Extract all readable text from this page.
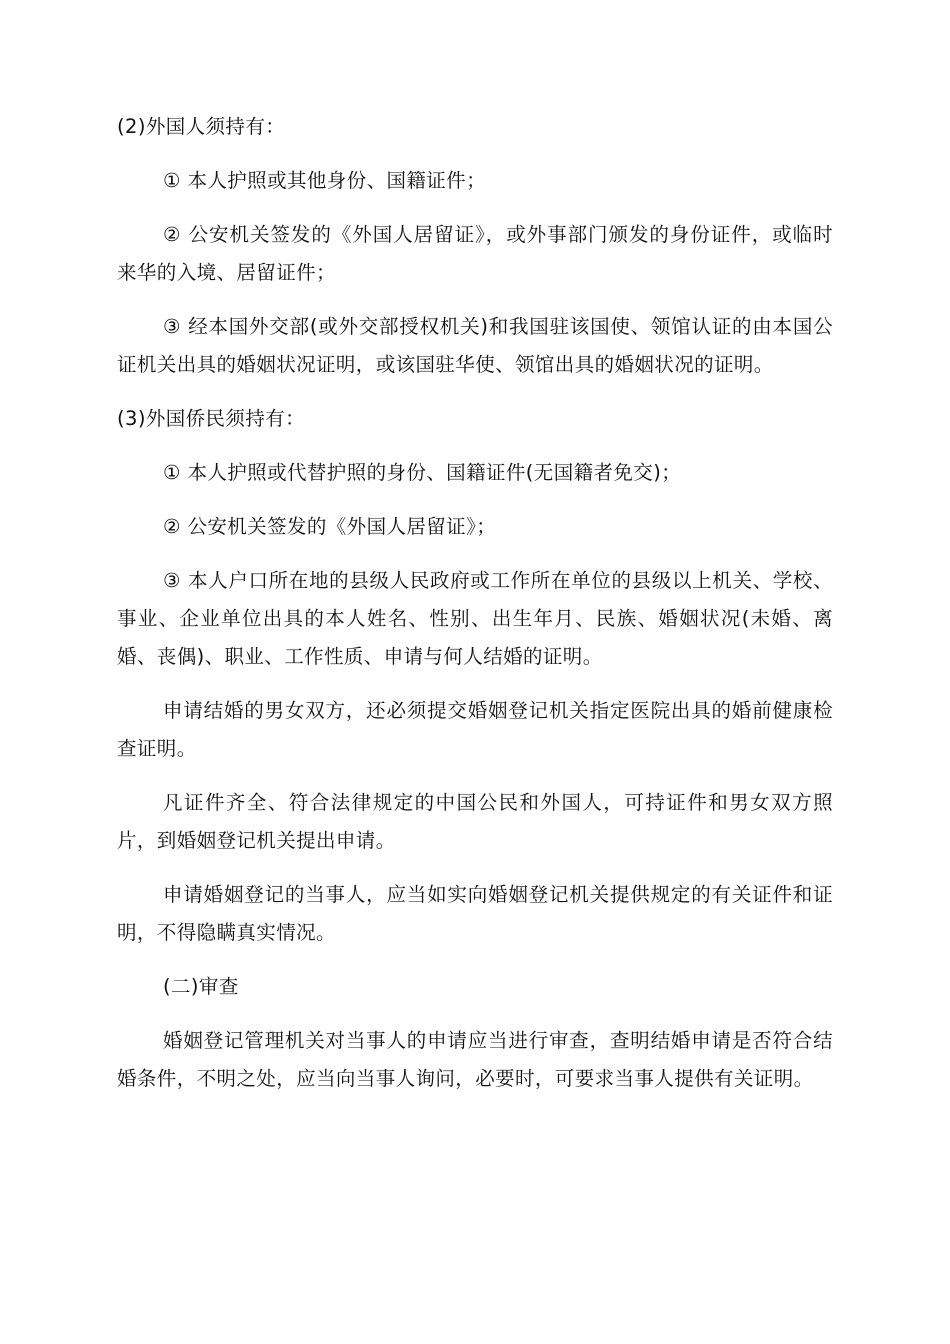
(2)外国人须持有：

① 本人护照或其他身份、国籍证件；

② 公安机关签发的《外国人居留证》，或外事部门颁发的身份证件，或临时来华的入境、居留证件；

③ 经本国外交部(或外交部授权机关)和我国驻该国使、领馆认证的由本国公证机关出具的婚姻状况证明，或该国驻华使、领馆出具的婚姻状况的证明。

(3)外国侨民须持有：

① 本人护照或代替护照的身份、国籍证件(无国籍者免交)；

② 公安机关签发的《外国人居留证》；

③ 本人户口所在地的县级人民政府或工作所在单位的县级以上机关、学校、事业、企业单位出具的本人姓名、性别、出生年月、民族、婚姻状况(未婚、离婚、丧偶)、职业、工作性质、申请与何人结婚的证明。

申请结婚的男女双方，还必须提交婚姻登记机关指定医院出具的婚前健康检查证明。

凡证件齐全、符合法律规定的中国公民和外国人，可持证件和男女双方照片，到婚姻登记机关提出申请。

申请婚姻登记的当事人，应当如实向婚姻登记机关提供规定的有关证件和证明，不得隐瞒真实情况。

(二)审查

婚姻登记管理机关对当事人的申请应当进行审查，查明结婚申请是否符合结婚条件，不明之处，应当向当事人询问，必要时，可要求当事人提供有关证明。
